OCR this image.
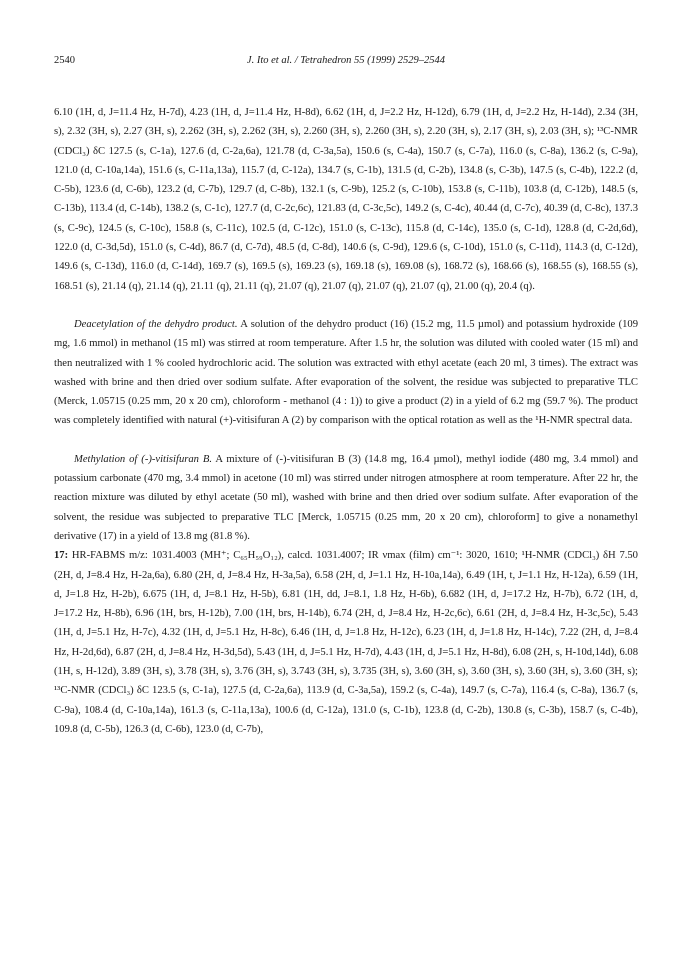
2540	J. Ito et al. / Tetrahedron 55 (1999) 2529–2544

6.10 (1H, d, J=11.4 Hz, H-7d), 4.23 (1H, d, J=11.4 Hz, H-8d), 6.62 (1H, d, J=2.2 Hz, H-12d), 6.79 (1H, d, J=2.2 Hz, H-14d), 2.34 (3H, s), 2.32 (3H, s), 2.27 (3H, s), 2.262 (3H, s), 2.262 (3H, s), 2.260 (3H, s), 2.260 (3H, s), 2.20 (3H, s), 2.17 (3H, s), 2.03 (3H, s); ¹³C-NMR (CDCl₃) δC 127.5 (s, C-1a), 127.6 (d, C-2a,6a), 121.78 (d, C-3a,5a), 150.6 (s, C-4a), 150.7 (s, C-7a), 116.0 (s, C-8a), 136.2 (s, C-9a), 121.0 (d, C-10a,14a), 151.6 (s, C-11a,13a), 115.7 (d, C-12a), 134.7 (s, C-1b), 131.5 (d, C-2b), 134.8 (s, C-3b), 147.5 (s, C-4b), 122.2 (d, C-5b), 123.6 (d, C-6b), 123.2 (d, C-7b), 129.7 (d, C-8b), 132.1 (s, C-9b), 125.2 (s, C-10b), 153.8 (s, C-11b), 103.8 (d, C-12b), 148.5 (s, C-13b), 113.4 (d, C-14b), 138.2 (s, C-1c), 127.7 (d, C-2c,6c), 121.83 (d, C-3c,5c), 149.2 (s, C-4c), 40.44 (d, C-7c), 40.39 (d, C-8c), 137.3 (s, C-9c), 124.5 (s, C-10c), 158.8 (s, C-11c), 102.5 (d, C-12c), 151.0 (s, C-13c), 115.8 (d, C-14c), 135.0 (s, C-1d), 128.8 (d, C-2d,6d), 122.0 (d, C-3d,5d), 151.0 (s, C-4d), 86.7 (d, C-7d), 48.5 (d, C-8d), 140.6 (s, C-9d), 129.6 (s, C-10d), 151.0 (s, C-11d), 114.3 (d, C-12d), 149.6 (s, C-13d), 116.0 (d, C-14d), 169.7 (s), 169.5 (s), 169.23 (s), 169.18 (s), 169.08 (s), 168.72 (s), 168.66 (s), 168.55 (s), 168.55 (s), 168.51 (s), 21.14 (q), 21.14 (q), 21.11 (q), 21.11 (q), 21.07 (q), 21.07 (q), 21.07 (q), 21.07 (q), 21.00 (q), 20.4 (q).

Deacetylation of the dehydro product. A solution of the dehydro product (16) (15.2 mg, 11.5 µmol) and potassium hydroxide (109 mg, 1.6 mmol) in methanol (15 ml) was stirred at room temperature. After 1.5 hr, the solution was diluted with cooled water (15 ml) and then neutralized with 1 % cooled hydrochloric acid. The solution was extracted with ethyl acetate (each 20 ml, 3 times). The extract was washed with brine and then dried over sodium sulfate. After evaporation of the solvent, the residue was subjected to preparative TLC (Merck, 1.05715 (0.25 mm, 20 x 20 cm), chloroform - methanol (4 : 1)) to give a product (2) in a yield of 6.2 mg (59.7 %). The product was completely identified with natural (+)-vitisifuran A (2) by comparison with the optical rotation as well as the ¹H-NMR spectral data.

Methylation of (-)-vitisifuran B. A mixture of (-)-vitisifuran B (3) (14.8 mg, 16.4 µmol), methyl iodide (480 mg, 3.4 mmol) and potassium carbonate (470 mg, 3.4 mmol) in acetone (10 ml) was stirred under nitrogen atmosphere at room temperature. After 22 hr, the reaction mixture was diluted by ethyl acetate (50 ml), washed with brine and then dried over sodium sulfate. After evaporation of the solvent, the residue was subjected to preparative TLC [Merck, 1.05715 (0.25 mm, 20 x 20 cm), chloroform] to give a nonamethyl derivative (17) in a yield of 13.8 mg (81.8 %).

17: HR-FABMS m/z: 1031.4003 (MH⁺; C₆₅H₅₉O₁₂), calcd. 1031.4007; IR νmax (film) cm⁻¹: 3020, 1610; ¹H-NMR (CDCl₃) δH 7.50 (2H, d, J=8.4 Hz, H-2a,6a), 6.80 (2H, d, J=8.4 Hz, H-3a,5a), 6.58 (2H, d, J=1.1 Hz, H-10a,14a), 6.49 (1H, t, J=1.1 Hz, H-12a), 6.59 (1H, d, J=1.8 Hz, H-2b), 6.675 (1H, d, J=8.1 Hz, H-5b), 6.81 (1H, dd, J=8.1, 1.8 Hz, H-6b), 6.682 (1H, d, J=17.2 Hz, H-7b), 6.72 (1H, d, J=17.2 Hz, H-8b), 6.96 (1H, brs, H-12b), 7.00 (1H, brs, H-14b), 6.74 (2H, d, J=8.4 Hz, H-2c,6c), 6.61 (2H, d, J=8.4 Hz, H-3c,5c), 5.43 (1H, d, J=5.1 Hz, H-7c), 4.32 (1H, d, J=5.1 Hz, H-8c), 6.46 (1H, d, J=1.8 Hz, H-12c), 6.23 (1H, d, J=1.8 Hz, H-14c), 7.22 (2H, d, J=8.4 Hz, H-2d,6d), 6.87 (2H, d, J=8.4 Hz, H-3d,5d), 5.43 (1H, d, J=5.1 Hz, H-7d), 4.43 (1H, d, J=5.1 Hz, H-8d), 6.08 (2H, s, H-10d,14d), 6.08 (1H, s, H-12d), 3.89 (3H, s), 3.78 (3H, s), 3.76 (3H, s), 3.743 (3H, s), 3.735 (3H, s), 3.60 (3H, s), 3.60 (3H, s), 3.60 (3H, s), 3.60 (3H, s); ¹³C-NMR (CDCl₃) δC 123.5 (s, C-1a), 127.5 (d, C-2a,6a), 113.9 (d, C-3a,5a), 159.2 (s, C-4a), 149.7 (s, C-7a), 116.4 (s, C-8a), 136.7 (s, C-9a), 108.4 (d, C-10a,14a), 161.3 (s, C-11a,13a), 100.6 (d, C-12a), 131.0 (s, C-1b), 123.8 (d, C-2b), 130.8 (s, C-3b), 158.7 (s, C-4b), 109.8 (d, C-5b), 126.3 (d, C-6b), 123.0 (d, C-7b),
